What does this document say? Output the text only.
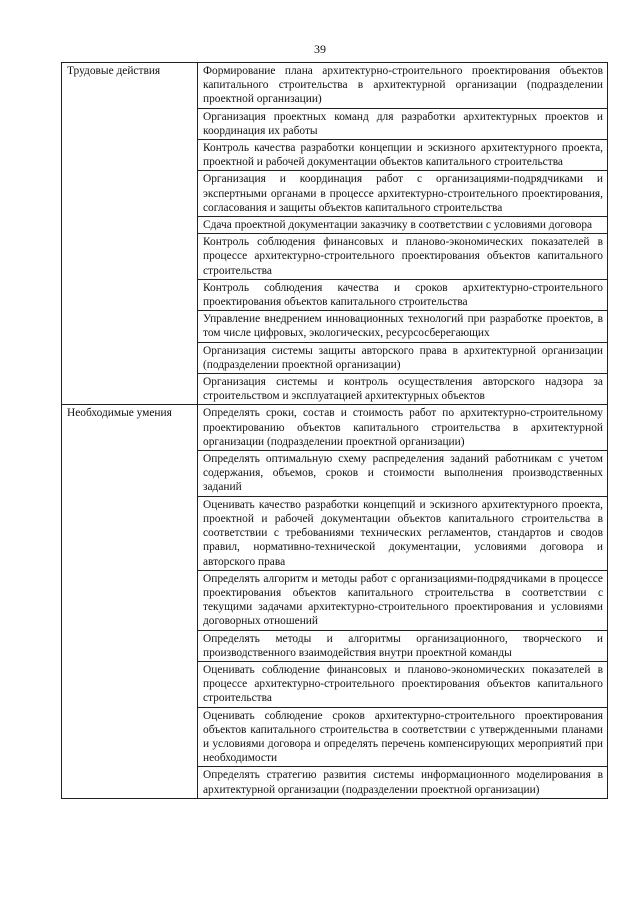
39
Трудовые действия	Формирование плана архитектурно-строительного проектирования объектов капитального строительства в архитектурной организации (подразделении проектной организации)
	Организация проектных команд для разработки архитектурных проектов и координация их работы
	Контроль качества разработки концепции и эскизного архитектурного проекта, проектной и рабочей документации объектов капитального строительства
	Организация и координация работ с организациями-подрядчиками и экспертными органами в процессе архитектурно-строительного проектирования, согласования и защиты объектов капитального строительства
	Сдача проектной документации заказчику в соответствии с условиями договора
	Контроль соблюдения финансовых и планово-экономических показателей в процессе архитектурно-строительного проектирования объектов капитального строительства
	Контроль соблюдения качества и сроков архитектурно-строительного проектирования объектов капитального строительства
	Управление внедрением инновационных технологий при разработке проектов, в том числе цифровых, экологических, ресурсосберегающих
	Организация системы защиты авторского права в архитектурной организации (подразделении проектной организации)
	Организация системы и контроль осуществления авторского надзора за строительством и эксплуатацией архитектурных объектов
Необходимые умения	Определять сроки, состав и стоимость работ по архитектурно-строительному проектированию объектов капитального строительства в архитектурной организации (подразделении проектной организации)
	Определять оптимальную схему распределения заданий работникам с учетом содержания, объемов, сроков и стоимости выполнения производственных заданий
	Оценивать качество разработки концепций и эскизного архитектурного проекта, проектной и рабочей документации объектов капитального строительства в соответствии с требованиями технических регламентов, стандартов и сводов правил, нормативно-технической документации, условиями договора и авторского права
	Определять алгоритм и методы работ с организациями-подрядчиками в процессе проектирования объектов капитального строительства в соответствии с текущими задачами архитектурно-строительного проектирования и условиями договорных отношений
	Определять методы и алгоритмы организационного, творческого и производственного взаимодействия внутри проектной команды
	Оценивать соблюдение финансовых и планово-экономических показателей в процессе архитектурно-строительного проектирования объектов капитального строительства
	Оценивать соблюдение сроков архитектурно-строительного проектирования объектов капитального строительства в соответствии с утвержденными планами и условиями договора и определять перечень компенсирующих мероприятий при необходимости
	Определять стратегию развития системы информационного моделирования в архитектурной организации (подразделении проектной организации)
